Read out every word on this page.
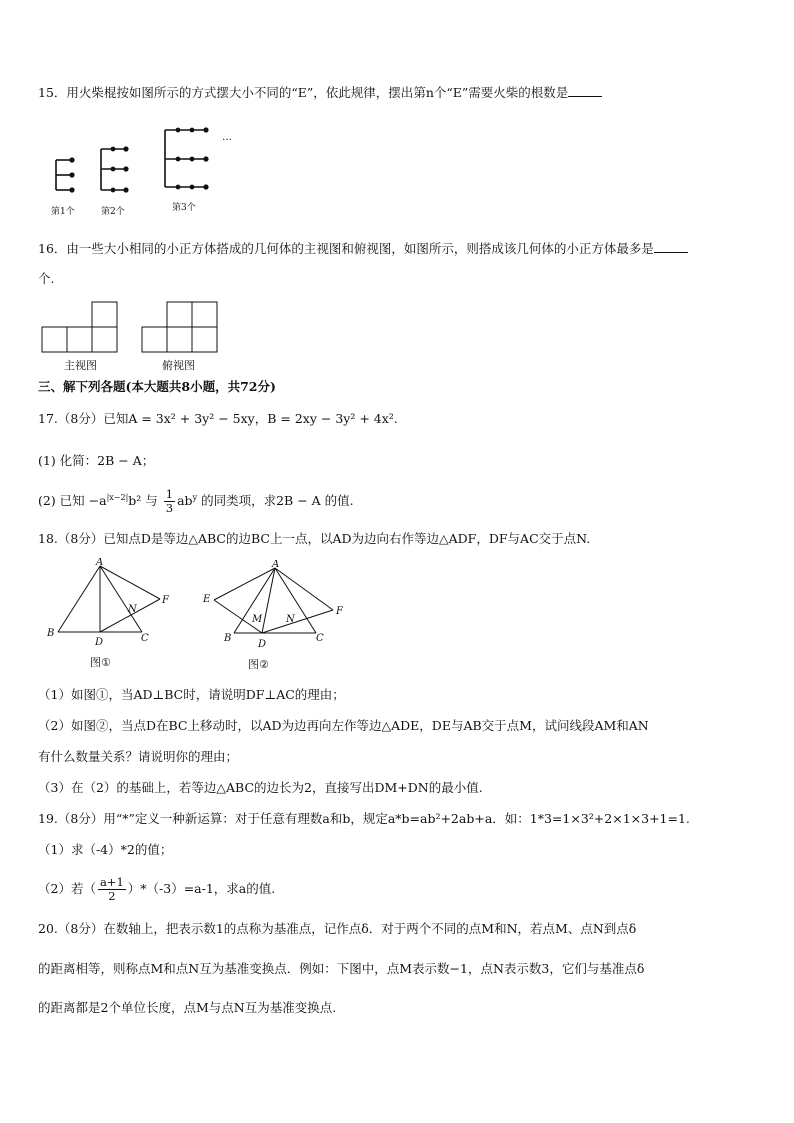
15．用火柴棍按如图所示的方式摆大小不同的“E”，依此规律，摆出第n个“E”需要火柴的根数是
第1个	第2个	第3个
…
16．由一些大小相同的小正方体搭成的几何体的主视图和俯视图，如图所示，则搭成该几何体的小正方体最多是
个.
主视图	俯视图
三、解下列各题(本大题共8小题，共72分)
17.（8分）已知A = 3x² + 3y² − 5xy，B = 2xy − 3y² + 4x².
(1) 化简：2B − A；
(2) 已知 $-a^{|x-2|}b^2$ 与 $\frac{1}{3} ab^y$ 的同类项，求2B − A 的值.
18.（8分）已知点D是等边△ABC的边BC上一点，以AD为边向右作等边△ADF，DF与AC交于点N.
A
B	C
D
F
N
图①
A
B	C
D
E
F
M N
图②
（1）如图①，当AD⊥BC时，请说明DF⊥AC的理由；
（2）如图②，当点D在BC上移动时，以AD为边再向左作等边△ADE，DE与AB交于点M，试问线段AM和AN
有什么数量关系？请说明你的理由；
（3）在（2）的基础上，若等边△ABC的边长为2，直接写出DM+DN的最小值.
19.（8分）用“*”定义一种新运算：对于任意有理数a和b，规定a*b=ab²+2ab+a．如：1*3=1×3²+2×1×3+1=1.
（1）求（-4）*2的值；
（2）若（ $\frac{a+1}{2} )*(-3)=a-1$，求a的值.
20.（8分）在数轴上，把表示数1的点称为基准点，记作点δ．对于两个不同的点M和N，若点M、点N到点δ
的距离相等，则称点M和点N互为基准变换点．例如：下图中，点M表示数−1，点N表示数3，它们与基准点δ
的距离都是2个单位长度，点M与点N互为基准变换点.
